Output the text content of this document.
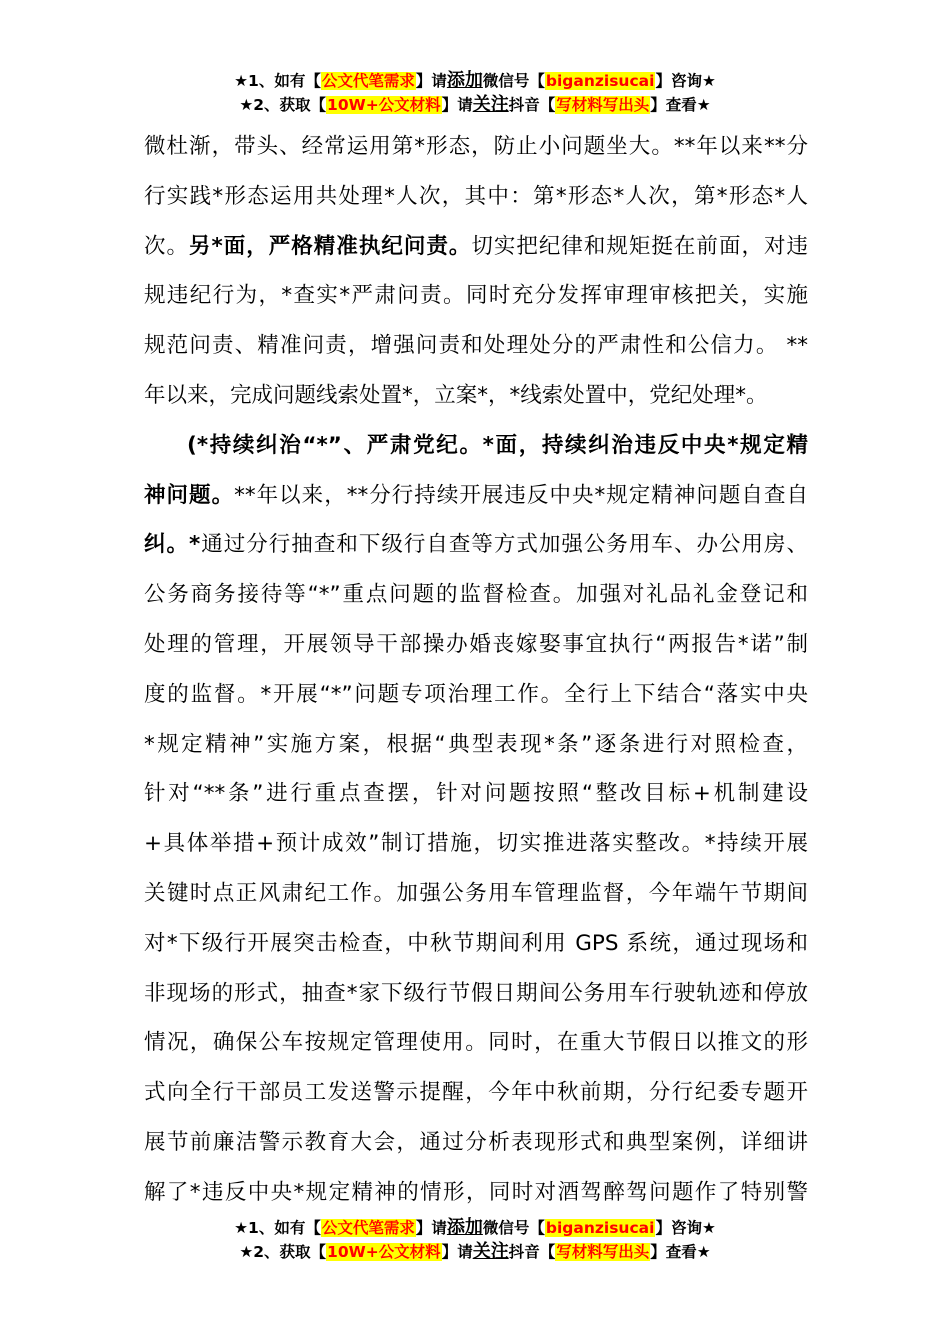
★1、如有【公文代笔需求】请添加微信号【biganzisucai】咨询★
★2、获取【10W+公文材料】请关注抖音【写材料写出头】查看★
微杜渐，带头、经常运用第*形态，防止小问题坐大。**年以来**分
行实践*形态运用共处理*人次，其中：第*形态*人次，第*形态*人
次。另*面，严格精准执纪问责。切实把纪律和规矩挺在前面，对违
规违纪行为，*查实*严肃问责。同时充分发挥审理审核把关，实施
规范问责、精准问责，增强问责和处理处分的严肃性和公信力。 **
年以来，完成问题线索处置*，立案*，*线索处置中，党纪处理*。
(*持续纠治“*”、严肃党纪。*面，持续纠治违反中央*规定精
神问题。**年以来，**分行持续开展违反中央*规定精神问题自查自
纠。*通过分行抽查和下级行自查等方式加强公务用车、办公用房、
公务商务接待等“*”重点问题的监督检查。加强对礼品礼金登记和
处理的管理，开展领导干部操办婚丧嫁娶事宜执行“两报告*诺”制
度的监督。*开展“*”问题专项治理工作。全行上下结合“落实中央
*规定精神”实施方案，根据“典型表现*条”逐条进行对照检查，
针对“**条”进行重点查摆，针对问题按照“整改目标+机制建设
+具体举措+预计成效”制订措施，切实推进落实整改。*持续开展
关键时点正风肃纪工作。加强公务用车管理监督，今年端午节期间
对*下级行开展突击检查，中秋节期间利用 GPS 系统，通过现场和
非现场的形式，抽查*家下级行节假日期间公务用车行驶轨迹和停放
情况，确保公车按规定管理使用。同时，在重大节假日以推文的形
式向全行干部员工发送警示提醒，今年中秋前期，分行纪委专题开
展节前廉洁警示教育大会，通过分析表现形式和典型案例，详细讲
解了*违反中央*规定精神的情形，同时对酒驾醉驾问题作了特别警
★1、如有【公文代笔需求】请添加微信号【biganzisucai】咨询★
★2、获取【10W+公文材料】请关注抖音【写材料写出头】查看★
